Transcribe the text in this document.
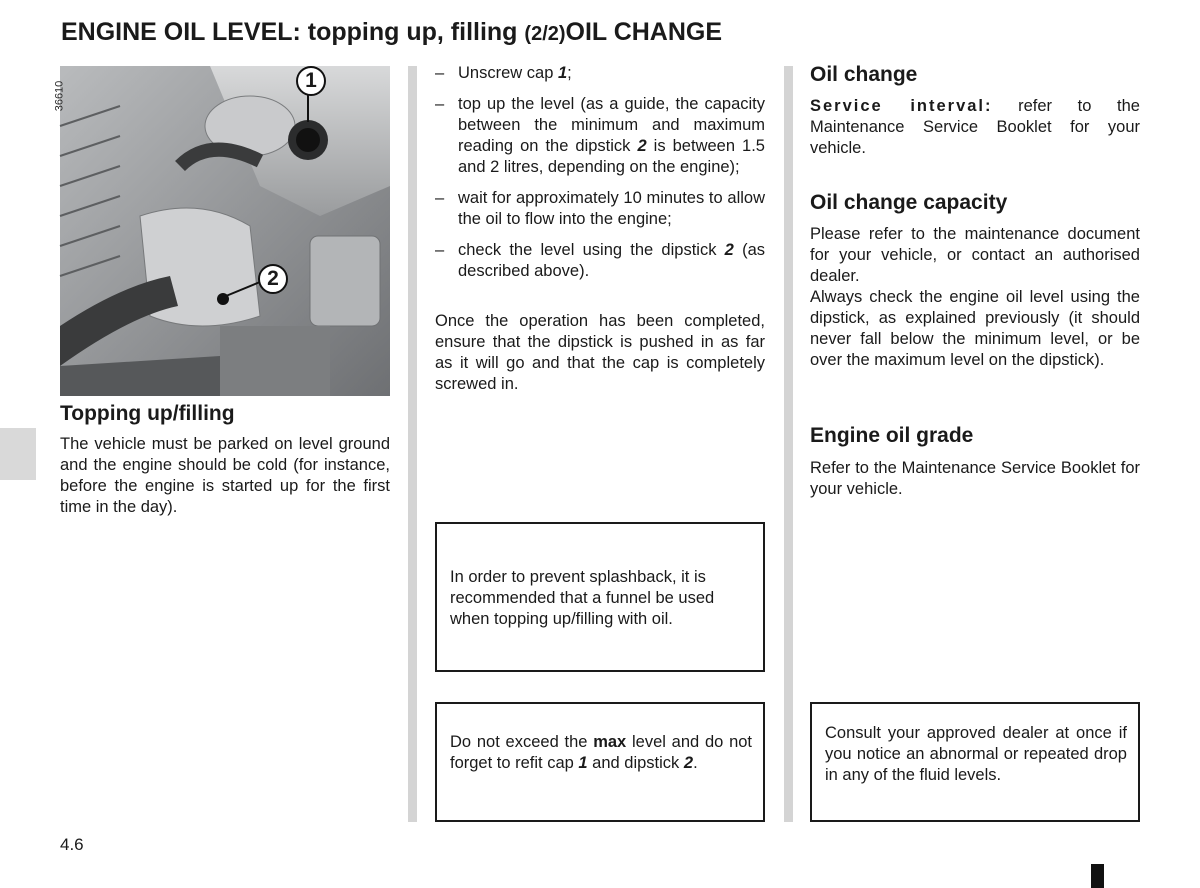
ENGINE OIL LEVEL: topping up, filling (2/2)OIL CHANGE
36610
1
2
Topping up/filling

The vehicle must be parked on level ground and the engine should be cold (for instance, before the engine is started up for the first time in the day).

– Unscrew cap 1;
– top up the level (as a guide, the capacity between the minimum and maximum reading on the dipstick 2 is between 1.5 and 2 litres, depending on the engine);
– wait for approximately 10 minutes to allow the oil to flow into the engine;
– check the level using the dipstick 2 (as described above).

Once the operation has been completed, ensure that the dipstick is pushed in as far as it will go and that the cap is completely screwed in.

In order to prevent splashback, it is recommended that a funnel be used when topping up/filling with oil.

Do not exceed the max level and do not forget to refit cap 1 and dipstick 2.

Oil change

Service interval: refer to the Maintenance Service Booklet for your vehicle.

Oil change capacity

Please refer to the maintenance document for your vehicle, or contact an authorised dealer.

Always check the engine oil level using the dipstick, as explained previously (it should never fall below the minimum level, or be over the maximum level on the dipstick).

Engine oil grade

Refer to the Maintenance Service Booklet for your vehicle.

Consult your approved dealer at once if you notice an abnormal or repeated drop in any of the fluid levels.

4.6
